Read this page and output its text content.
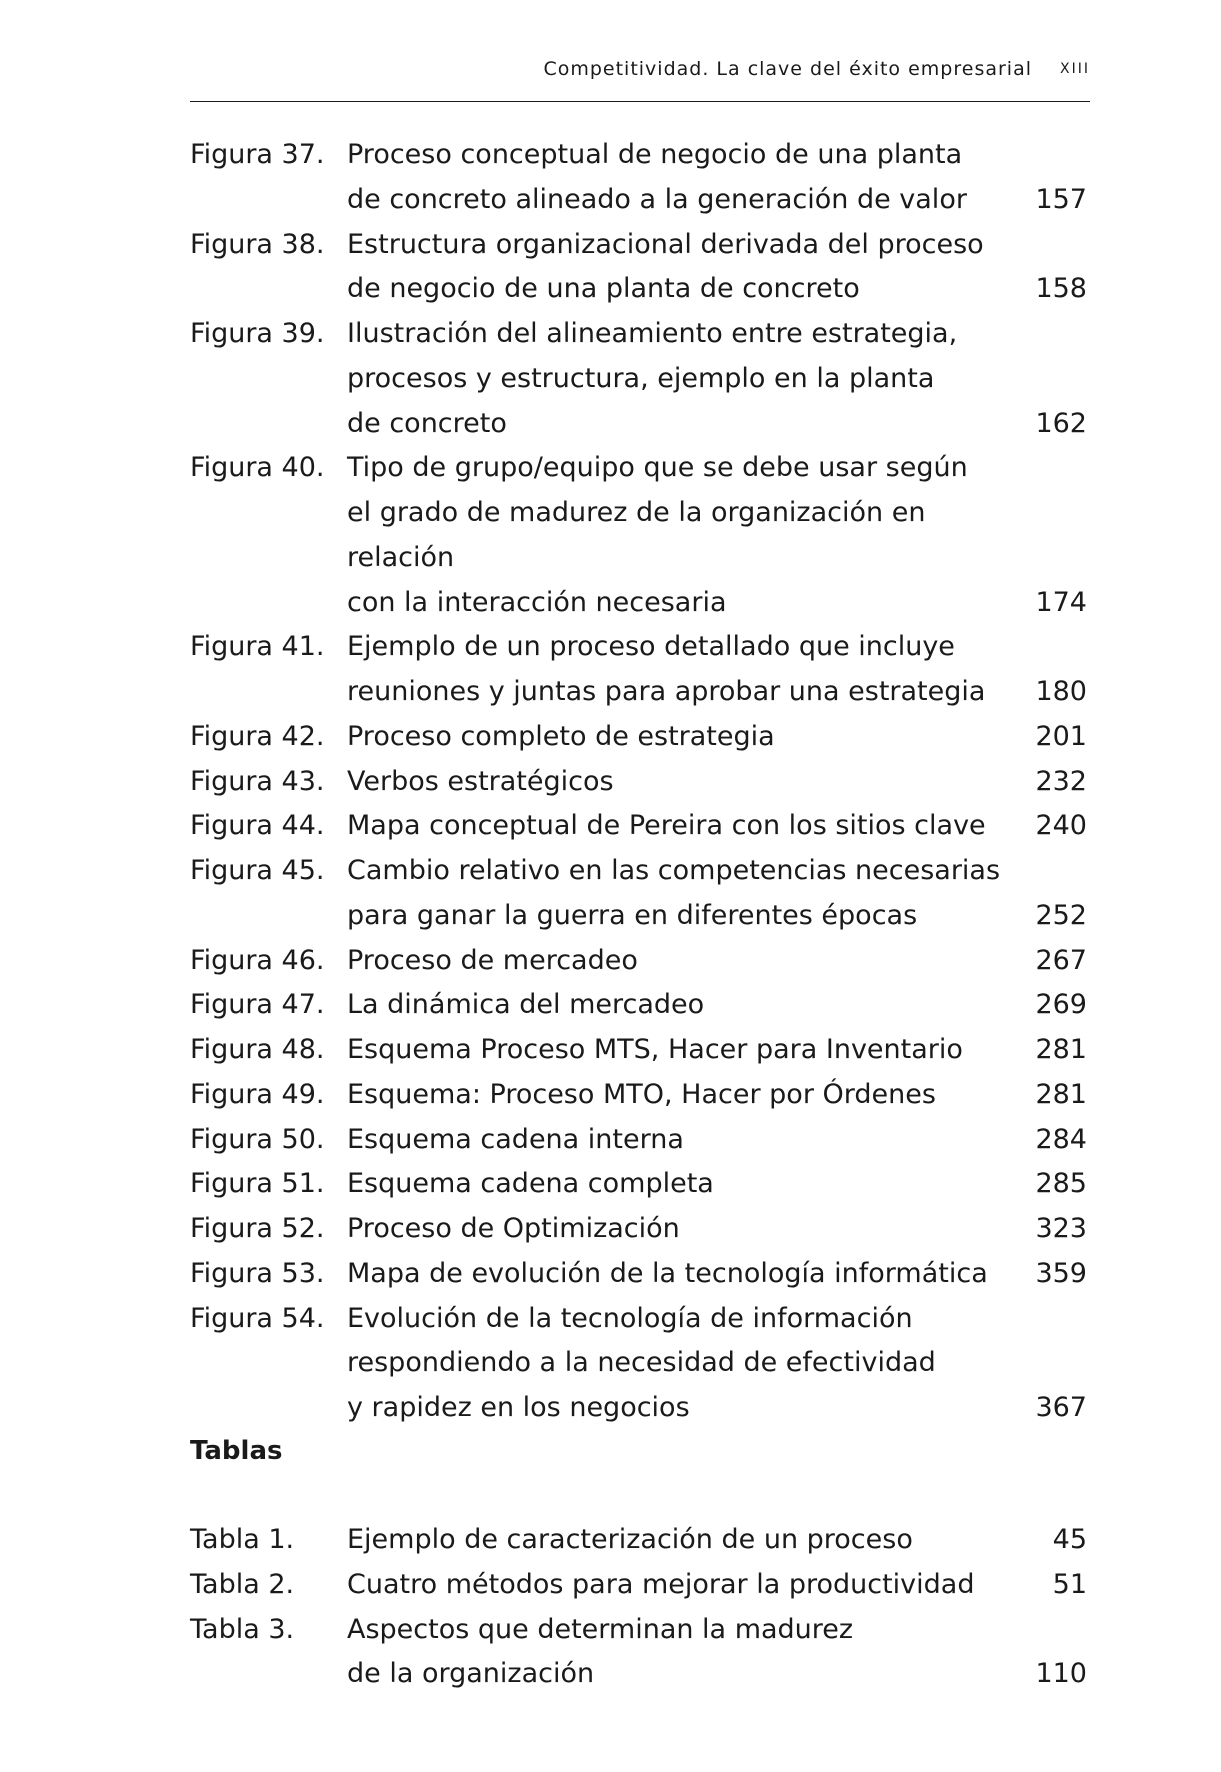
Competitividad. La clave del éxito empresarial XIII
Figura 37. Proceso conceptual de negocio de una planta
de concreto alineado a la generación de valor	157
Figura 38. Estructura organizacional derivada del proceso
de negocio de una planta de concreto	158
Figura 39. Ilustración del alineamiento entre estrategia,
procesos y estructura, ejemplo en la planta
de concreto	162
Figura 40. Tipo de grupo/equipo que se debe usar según
el grado de madurez de la organización en relación
con la interacción necesaria	174
Figura 41. Ejemplo de un proceso detallado que incluye
reuniones y juntas para aprobar una estrategia	180
Figura 42. Proceso completo de estrategia	201
Figura 43. Verbos estratégicos	232
Figura 44. Mapa conceptual de Pereira con los sitios clave	240
Figura 45. Cambio relativo en las competencias necesarias
para ganar la guerra en diferentes épocas	252
Figura 46. Proceso de mercadeo	267
Figura 47. La dinámica del mercadeo	269
Figura 48. Esquema Proceso MTS, Hacer para Inventario	281
Figura 49. Esquema: Proceso MTO, Hacer por Órdenes	281
Figura 50. Esquema cadena interna	284
Figura 51. Esquema cadena completa	285
Figura 52. Proceso de Optimización	323
Figura 53. Mapa de evolución de la tecnología informática	359
Figura 54. Evolución de la tecnología de información
respondiendo a la necesidad de efectividad
y rapidez en los negocios	367
Tablas
Tabla 1.	Ejemplo de caracterización de un proceso	45
Tabla 2.	Cuatro métodos para mejorar la productividad	51
Tabla 3.	Aspectos que determinan la madurez
de la organización	110
